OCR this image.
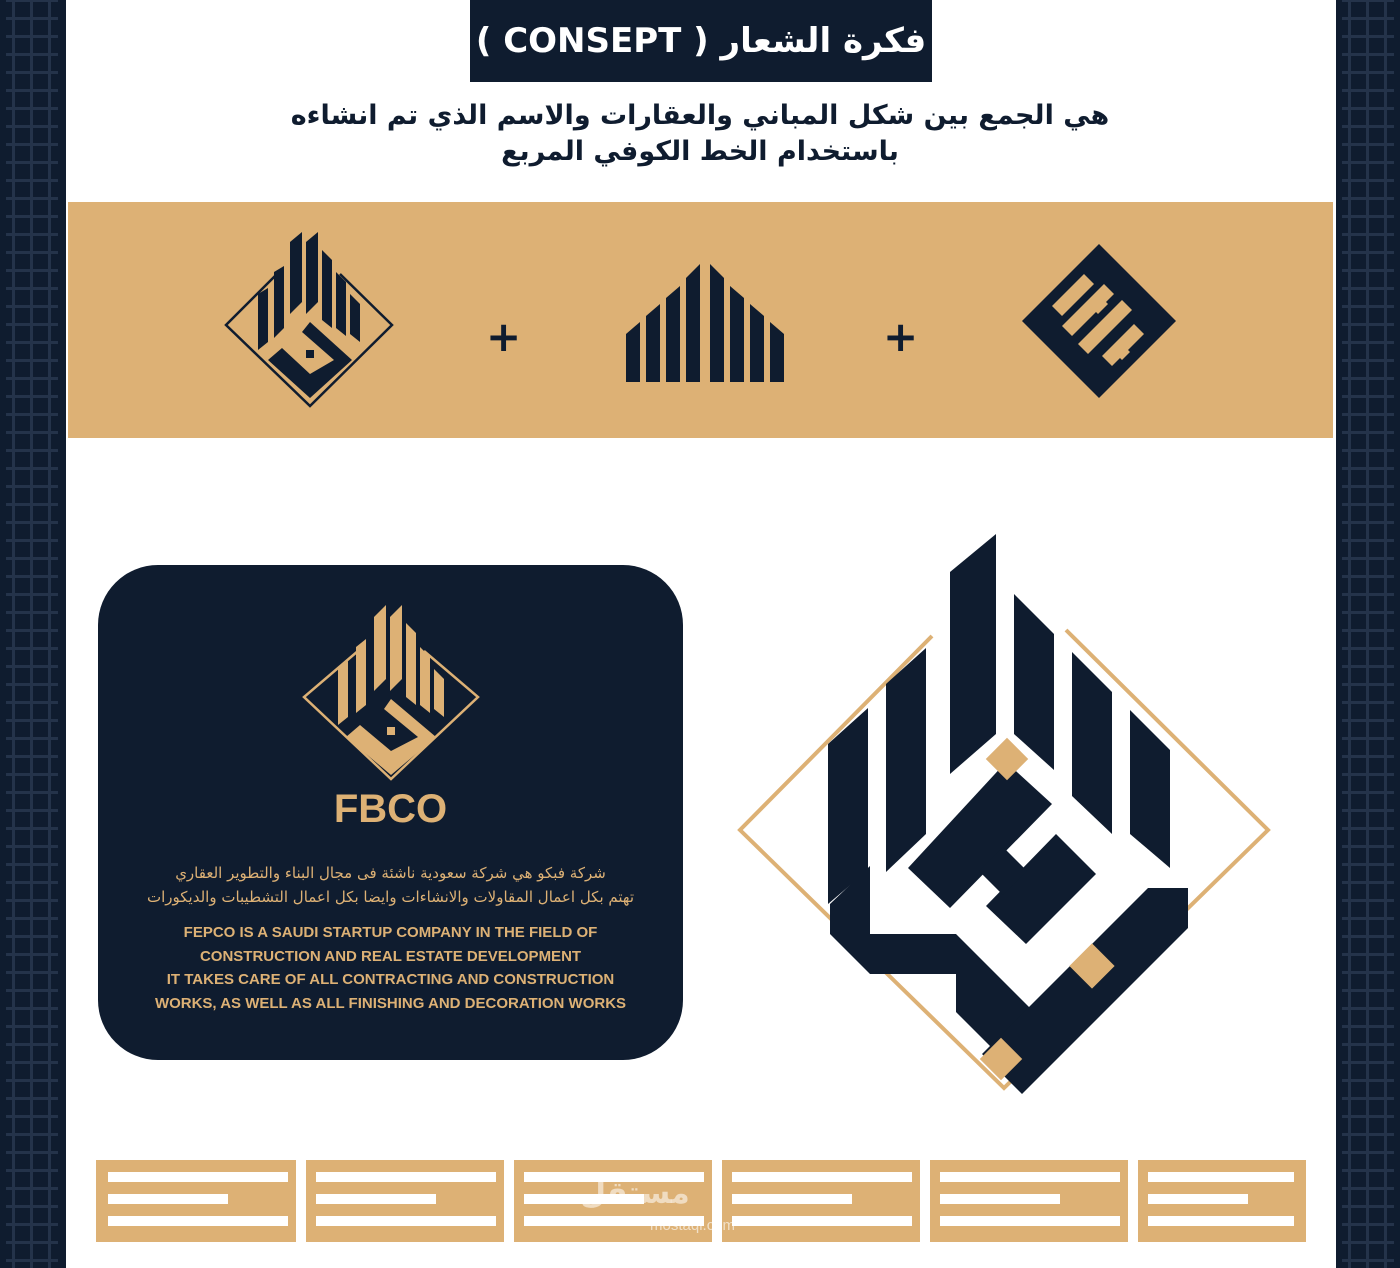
فكرة الشعار ( CONSEPT )
هي الجمع بين شكل المباني والعقارات والاسم الذي تم انشاءه
باستخدام الخط الكوفي المربع
+	+
FBCO
شركة فبكو هي شركة سعودية ناشئة فى مجال البناء والتطوير العقاري
تهتم بكل اعمال المقاولات والانشاءات وايضا بكل اعمال التشطيبات والديكورات
FEPCO IS A SAUDI STARTUP COMPANY IN THE FIELD OF
CONSTRUCTION AND REAL ESTATE DEVELOPMENT
IT TAKES CARE OF ALL CONTRACTING AND CONSTRUCTION
WORKS, AS WELL AS ALL FINISHING AND DECORATION WORKS
مستقل
mostaql.com
